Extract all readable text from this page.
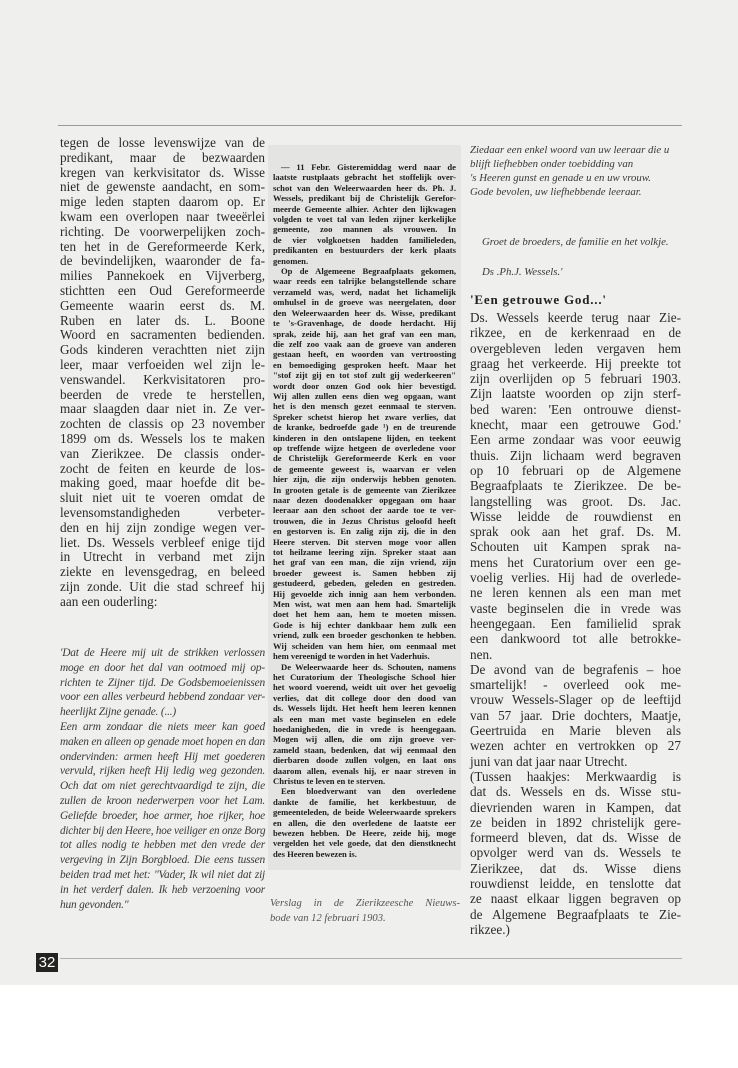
tegen de losse levenswijze van de
predikant, maar de bezwaarden
kregen van kerkvisitator ds. Wisse
niet de gewenste aandacht, en som-
mige leden stapten daarom op. Er
kwam een overlopen naar tweeërlei
richting. De voorwerpelijken zoch-
ten het in de Gereformeerde Kerk,
de bevindelijken, waaronder de fa-
milies Pannekoek en Vijverberg,
stichtten een Oud Gereformeerde
Gemeente waarin eerst ds. M.
Ruben en later ds. L. Boone
Woord en sacramenten bedienden.
Gods kinderen verachtten niet zijn
leer, maar verfoeiden wel zijn le-
venswandel. Kerkvisitatoren pro-
beerden de vrede te herstellen,
maar slaagden daar niet in. Ze ver-
zochten de classis op 23 november
1899 om ds. Wessels los te maken
van Zierikzee. De classis onder-
zocht de feiten en keurde de los-
making goed, maar hoefde dit be-
sluit niet uit te voeren omdat de
levensomstandigheden verbeter-
den en hij zijn zondige wegen ver-
liet. Ds. Wessels verbleef enige tijd
in Utrecht in verband met zijn
ziekte en levensgedrag, en beleed
zijn zonde. Uit die stad schreef hij
aan een ouderling:
'Dat de Heere mij uit de strikken verlossen
moge en door het dal van ootmoed mij op-
richten te Zijner tijd. De Godsbemoeienissen
voor een alles verbeurd hebbend zondaar ver-
heerlijkt Zijne genade. (...)
Een arm zondaar die niets meer kan goed
maken en alleen op genade moet hopen en dan
ondervinden: armen heeft Hij met goederen
vervuld, rijken heeft Hij ledig weg gezonden.
Och dat om niet gerechtvaardigd te zijn, die
zullen de kroon nederwerpen voor het Lam.
Geliefde broeder, hoe armer, hoe rijker, hoe
dichter bij den Heere, hoe veiliger en onze Borg
tot alles nodig te hebben met den vrede der
vergeving in Zijn Borgbloed. Die eens tussen
beiden trad met het: "Vader, Ik wil niet dat zij
in het verderf dalen. Ik heb verzoening voor
hun gevonden."
— 11 Febr. Gisteremiddag werd naar de
laatste rustplaats gebracht het stoffelijk over-
schot van den Weleerwaarden heer ds. Ph. J.
Wessels, predikant bij de Christelijk Gerefor-
meerde Gemeente alhier. Achter den lijkwagen
volgden te voet tal van leden zijner kerkelijke
gemeente, zoo mannen als vrouwen. In
de vier volgkoetsen hadden familieleden,
predikanten en bestuurders der kerk plaats
genomen.
Op de Algemeene Begraafplaats gekomen,
waar reeds een talrijke belangstellende schare
verzameld was, werd, nadat het lichamelijk
omhulsel in de groeve was neergelaten, door
den Weleerwaarden heer ds. Wisse, predikant
te 's-Gravenhage, de doode herdacht. Hij
sprak, zeide hij, aan het graf van een man,
die zelf zoo vaak aan de groeve van anderen
gestaan heeft, en woorden van vertroosting
en bemoediging gesproken heeft. Maar het
"stof zijt gij en tot stof zult gij wederkeeren"
wordt door onzen God ook hier bevestigd.
Wij allen zullen eens dien weg opgaan, want
het is den mensch gezet eenmaal te sterven.
Spreker schetst hierop het zware verlies, dat
de kranke, bedroefde gade ¹) en de treurende
kinderen in den ontslapene lijden, en teekent
op treffende wijze hetgeen de overledene voor
de Christelijk Gereformeerde Kerk en voor
de gemeente geweest is, waarvan er velen
hier zijn, die zijn onderwijs hebben genoten.
In grooten getale is de gemeente van Zierikzee
naar dezen doodenakker opgegaan om haar
leeraar aan den schoot der aarde toe te ver-
trouwen, die in Jezus Christus geloofd heeft
en gestorven is. En zalig zijn zij, die in den
Heere sterven. Dit sterven moge voor allen
tot heilzame leering zijn. Spreker staat aan
het graf van een man, die zijn vriend, zijn
broeder geweest is. Samen hebben zij
gestudeerd, gebeden, geleden en gestreden.
Hij gevoelde zich innig aan hem verbonden.
Men wist, wat men aan hem had. Smartelijk
doet het hem aan, hem te moeten missen.
Gode is hij echter dankbaar hem zulk een
vriend, zulk een broeder geschonken te hebben.
Wij scheiden van hem hier, om eenmaal met
hem vereenigd te worden in het Vaderhuis.
De Weleerwaarde heer ds. Schouten, namens
het Curatorium der Theologische School hier
het woord voerend, weidt uit over het gevoelig
verlies, dat dit college door den dood van
ds. Wessels lijdt. Het heeft hem leeren kennen
als een man met vaste beginselen en edele
hoedanigheden, die in vrede is heengegaan.
Mogen wij allen, die om zijn groeve ver-
zameld staan, bedenken, dat wij eenmaal den
dierbaren doode zullen volgen, en laat ons
daarom allen, evenals hij, er naar streven in
Christus te leven en te sterven.
Een bloedverwant van den overledene
dankte de familie, het kerkbestuur, de
gemeenteleden, de beide Weleerwaarde sprekers
en allen, die den overledene de laatste eer
bewezen hebben. De Heere, zeide hij, moge
vergelden het vele goede, dat den dienstknecht
des Heeren bewezen is.
Verslag in de Zierikzeesche Nieuws-
bode van 12 februari 1903.
Ziedaar een enkel woord van uw leeraar die u
blijft liefhebben onder toebidding van
's Heeren gunst en genade u en uw vrouw.
Gode bevolen, uw liefhebbende leeraar.
Groet de broeders, de familie en het volkje.
Ds .Ph.J. Wessels.'
'Een getrouwe God...'
Ds. Wessels keerde terug naar Zie-
rikzee, en de kerkenraad en de
overgebleven leden vergaven hem
graag het verkeerde. Hij preekte tot
zijn overlijden op 5 februari 1903.
Zijn laatste woorden op zijn sterf-
bed waren: 'Een ontrouwe dienst-
knecht, maar een getrouwe God.'
Een arme zondaar was voor eeuwig
thuis. Zijn lichaam werd begraven
op 10 februari op de Algemene
Begraafplaats te Zierikzee. De be-
langstelling was groot. Ds. Jac.
Wisse leidde de rouwdienst en
sprak ook aan het graf. Ds. M.
Schouten uit Kampen sprak na-
mens het Curatorium over een ge-
voelig verlies. Hij had de overlede-
ne leren kennen als een man met
vaste beginselen die in vrede was
heengegaan. Een familielid sprak
een dankwoord tot alle betrokke-
nen.
De avond van de begrafenis – hoe
smartelijk! - overleed ook me-
vrouw Wessels-Slager op de leeftijd
van 57 jaar. Drie dochters, Maatje,
Geertruida en Marie bleven als
wezen achter en vertrokken op 27
juni van dat jaar naar Utrecht.
(Tussen haakjes: Merkwaardig is
dat ds. Wessels en ds. Wisse stu-
dievrienden waren in Kampen, dat
ze beiden in 1892 christelijk gere-
formeerd bleven, dat ds. Wisse de
opvolger werd van ds. Wessels te
Zierikzee, dat ds. Wisse diens
rouwdienst leidde, en tenslotte dat
ze naast elkaar liggen begraven op
de Algemene Begraafplaats te Zie-
rikzee.)
32
